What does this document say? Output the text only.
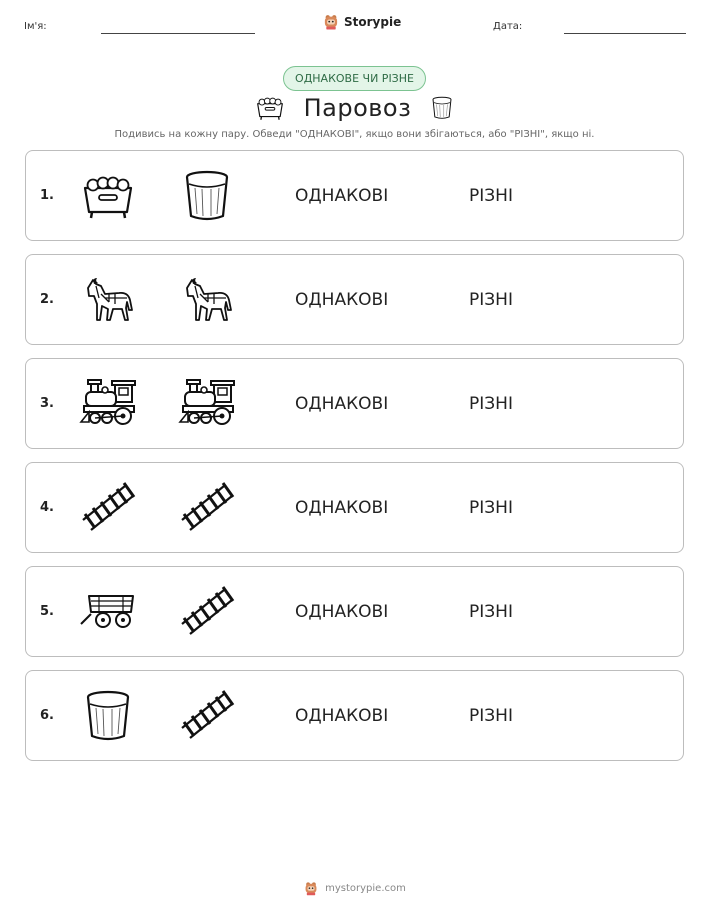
Ім'я:	Storypie	Дата:
ОДНАКОВЕ ЧИ РІЗНЕ
Паровоз
Подивись на кожну пару. Обведи "ОДНАКОВІ", якщо вони збігаються, або "РІЗНІ", якщо ні.
1.	ОДНАКОВІ	РІЗНІ
2.	ОДНАКОВІ	РІЗНІ
3.	ОДНАКОВІ	РІЗНІ
4.	ОДНАКОВІ	РІЗНІ
5.	ОДНАКОВІ	РІЗНІ
6.	ОДНАКОВІ	РІЗНІ
mystorypie.com
